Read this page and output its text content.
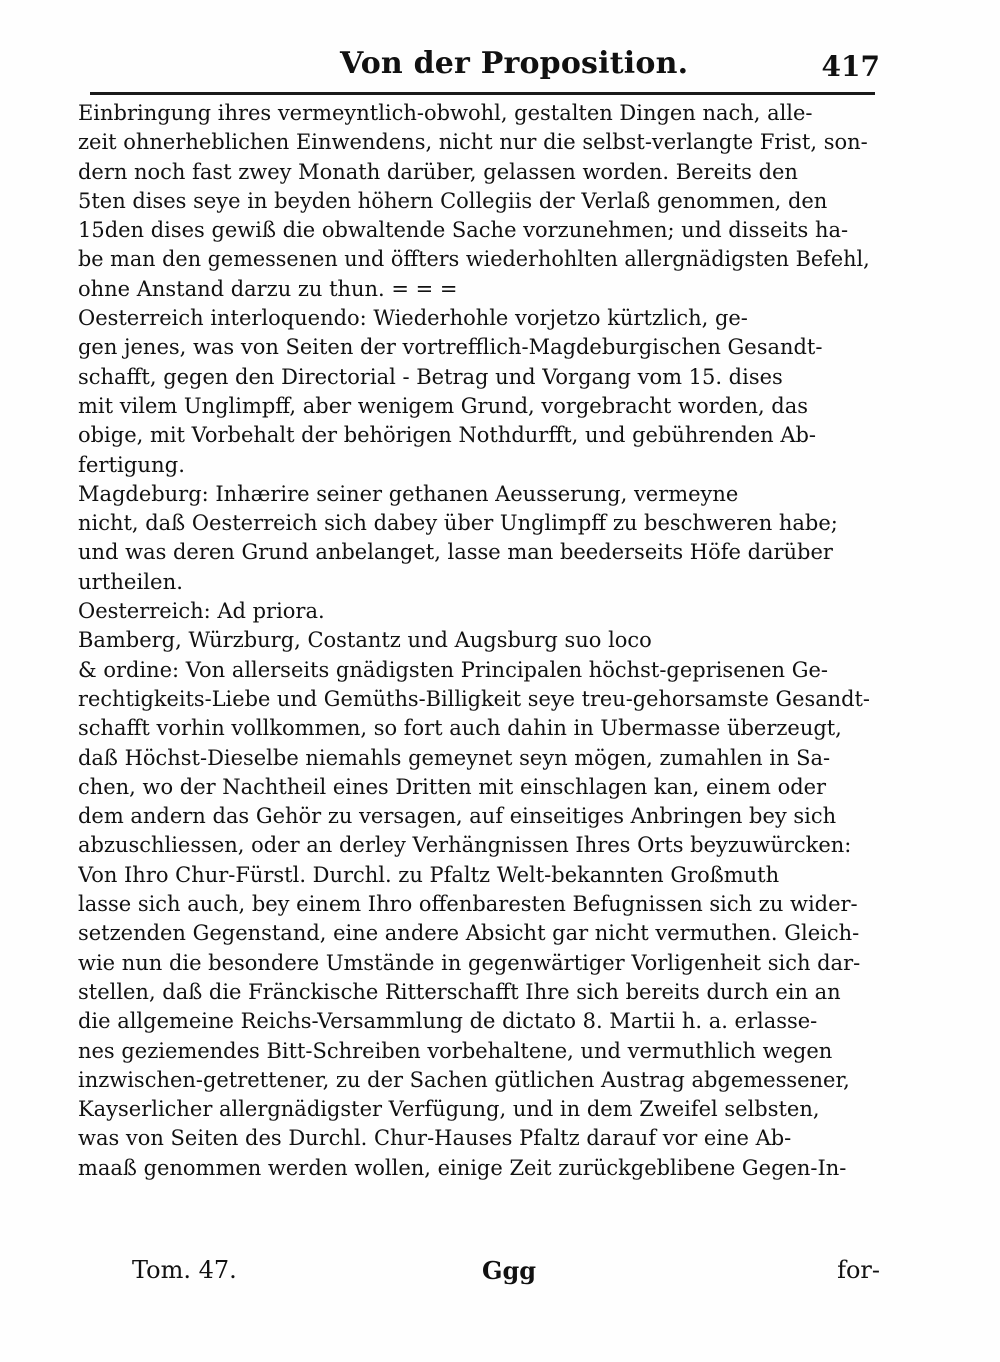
Von der Proposition.	417
Einbringung ihres vermeyntlich-obwohl, gestalten Dingen nach, alle-
zeit ohnerheblichen Einwendens, nicht nur die selbst-verlangte Frist, son-
dern noch fast zwey Monath darüber, gelassen worden. Bereits den
5ten dises seye in beyden höhern Collegiis der Verlaß genommen, den
15den dises gewiß die obwaltende Sache vorzunehmen; und disseits ha-
be man den gemessenen und öffters wiederhohlten allergnädigsten Befehl,
ohne Anstand darzu zu thun. = = =
Oesterreich interloquendo: Wiederhohle vorjetzo kürtzlich, ge-
gen jenes, was von Seiten der vortrefflich-Magdeburgischen Gesandt-
schafft, gegen den Directorial - Betrag und Vorgang vom 15. dises
mit vilem Unglimpff, aber wenigem Grund, vorgebracht worden, das
obige, mit Vorbehalt der behörigen Nothdurfft, und gebührenden Ab-
fertigung.
Magdeburg: Inhærire seiner gethanen Aeusserung, vermeyne
nicht, daß Oesterreich sich dabey über Unglimpff zu beschweren habe;
und was deren Grund anbelanget, lasse man beederseits Höfe darüber
urtheilen.
Oesterreich: Ad priora.
Bamberg, Würzburg, Costantz und Augsburg suo loco
& ordine: Von allerseits gnädigsten Principalen höchst-geprisenen Ge-
rechtigkeits-Liebe und Gemüths-Billigkeit seye treu-gehorsamste Gesandt-
schafft vorhin vollkommen, so fort auch dahin in Ubermasse überzeugt,
daß Höchst-Dieselbe niemahls gemeynet seyn mögen, zumahlen in Sa-
chen, wo der Nachtheil eines Dritten mit einschlagen kan, einem oder
dem andern das Gehör zu versagen, auf einseitiges Anbringen bey sich
abzuschliessen, oder an derley Verhängnissen Ihres Orts beyzuwürcken:
Von Ihro Chur-Fürstl. Durchl. zu Pfaltz Welt-bekannten Großmuth
lasse sich auch, bey einem Ihro offenbaresten Befugnissen sich zu wider-
setzenden Gegenstand, eine andere Absicht gar nicht vermuthen. Gleich-
wie nun die besondere Umstände in gegenwärtiger Vorligenheit sich dar-
stellen, daß die Fränckische Ritterschafft Ihre sich bereits durch ein an
die allgemeine Reichs-Versammlung de dictato 8. Martii h. a. erlasse-
nes geziemendes Bitt-Schreiben vorbehaltene, und vermuthlich wegen
inzwischen-getrettener, zu der Sachen gütlichen Austrag abgemessener,
Kayserlicher allergnädigster Verfügung, und in dem Zweifel selbsten,
was von Seiten des Durchl. Chur-Hauses Pfaltz darauf vor eine Ab-
maaß genommen werden wollen, einige Zeit zurückgeblibene Gegen-In-
Tom. 47.	Ggg	for-
